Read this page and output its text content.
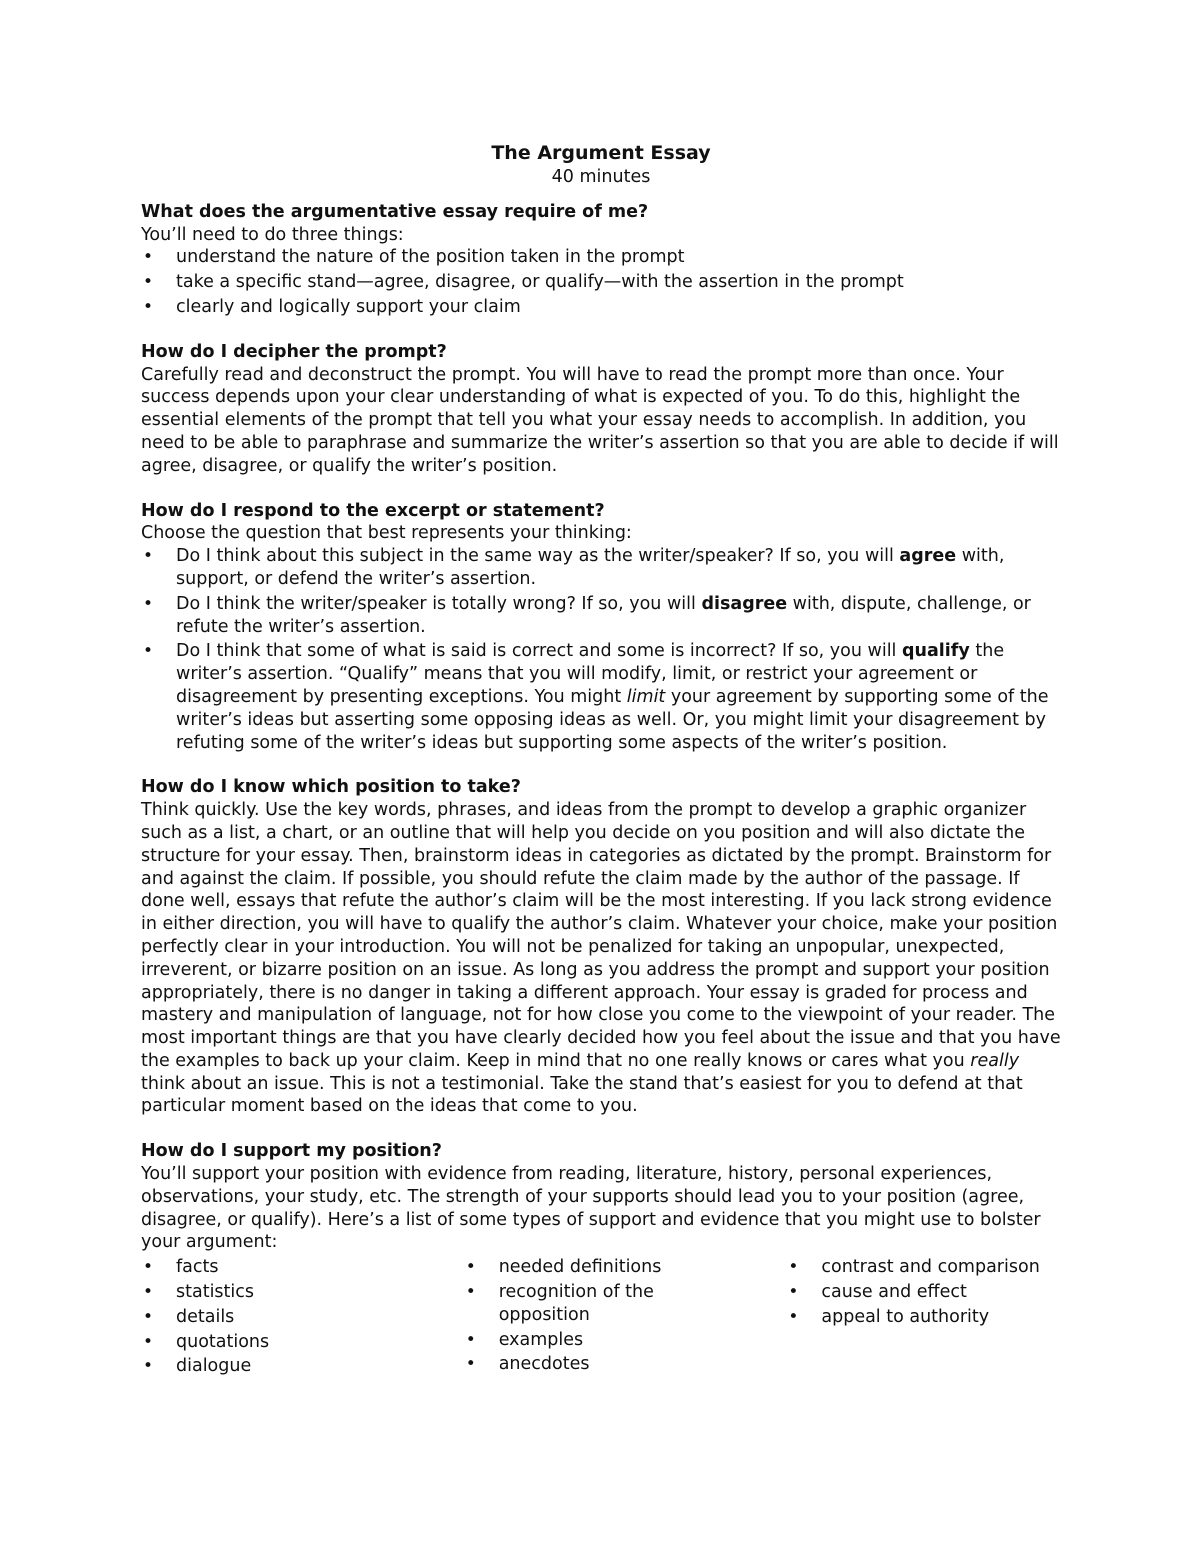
The Argument Essay
40 minutes
What does the argumentative essay require of me?

You’ll need to do three things:

• understand the nature of the position taken in the prompt
• take a specific stand—agree, disagree, or qualify—with the assertion in the prompt
• clearly and logically support your claim
How do I decipher the prompt?

Carefully read and deconstruct the prompt. You will have to read the prompt more than once. Your success depends upon your clear understanding of what is expected of you. To do this, highlight the essential elements of the prompt that tell you what your essay needs to accomplish. In addition, you need to be able to paraphrase and summarize the writer’s assertion so that you are able to decide if will agree, disagree, or qualify the writer’s position.

How do I respond to the excerpt or statement?

Choose the question that best represents your thinking:

• Do I think about this subject in the same way as the writer/speaker? If so, you will agree with, support, or defend the writer’s assertion.
• Do I think the writer/speaker is totally wrong? If so, you will disagree with, dispute, challenge, or refute the writer’s assertion.
• Do I think that some of what is said is correct and some is incorrect? If so, you will qualify the writer’s assertion. “Qualify” means that you will modify, limit, or restrict your agreement or disagreement by presenting exceptions. You might limit your agreement by supporting some of the writer’s ideas but asserting some opposing ideas as well. Or, you might limit your disagreement by refuting some of the writer’s ideas but supporting some aspects of the writer’s position.
How do I know which position to take?

Think quickly. Use the key words, phrases, and ideas from the prompt to develop a graphic organizer such as a list, a chart, or an outline that will help you decide on you position and will also dictate the structure for your essay. Then, brainstorm ideas in categories as dictated by the prompt. Brainstorm for and against the claim. If possible, you should refute the claim made by the author of the passage. If done well, essays that refute the author’s claim will be the most interesting. If you lack strong evidence in either direction, you will have to qualify the author’s claim. Whatever your choice, make your position perfectly clear in your introduction. You will not be penalized for taking an unpopular, unexpected, irreverent, or bizarre position on an issue. As long as you address the prompt and support your position appropriately, there is no danger in taking a different approach. Your essay is graded for process and mastery and manipulation of language, not for how close you come to the viewpoint of your reader. The most important things are that you have clearly decided how you feel about the issue and that you have the examples to back up your claim. Keep in mind that no one really knows or cares what you really think about an issue. This is not a testimonial. Take the stand that’s easiest for you to defend at that particular moment based on the ideas that come to you.

How do I support my position?

You’ll support your position with evidence from reading, literature, history, personal experiences, observations, your study, etc. The strength of your supports should lead you to your position (agree, disagree, or qualify). Here’s a list of some types of support and evidence that you might use to bolster your argument:

• facts
• statistics
• details
• quotations
• dialogue
• needed definitions
• recognition of the opposition
• examples
• anecdotes
• contrast and comparison
• cause and effect
• appeal to authority
